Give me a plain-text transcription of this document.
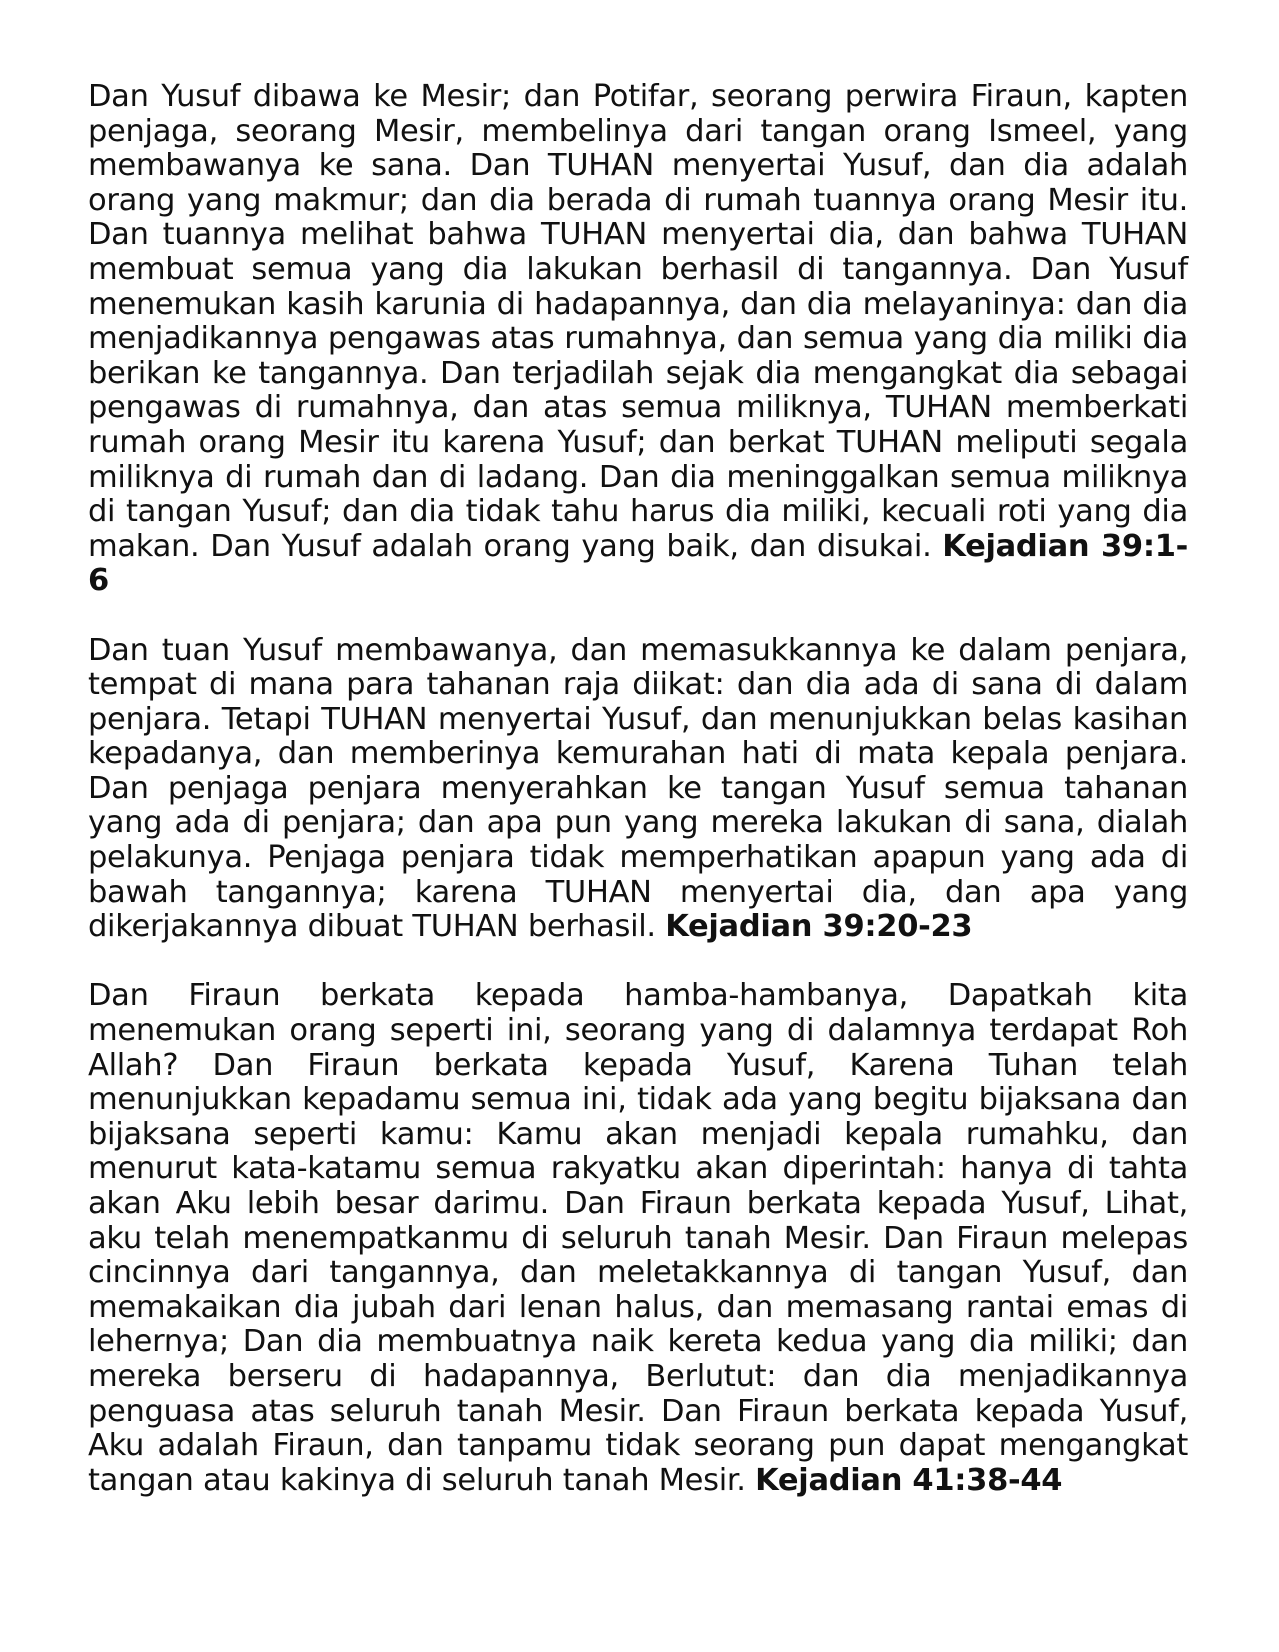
Dan Yusuf dibawa ke Mesir; dan Potifar, seorang perwira Firaun, kapten penjaga, seorang Mesir, membelinya dari tangan orang Ismeel, yang membawanya ke sana. Dan TUHAN menyertai Yusuf, dan dia adalah orang yang makmur; dan dia berada di rumah tuannya orang Mesir itu. Dan tuannya melihat bahwa TUHAN menyertai dia, dan bahwa TUHAN membuat semua yang dia lakukan berhasil di tangannya. Dan Yusuf menemukan kasih karunia di hadapannya, dan dia melayaninya: dan dia menjadikannya pengawas atas rumahnya, dan semua yang dia miliki dia berikan ke tangannya. Dan terjadilah sejak dia mengangkat dia sebagai pengawas di rumahnya, dan atas semua miliknya, TUHAN memberkati rumah orang Mesir itu karena Yusuf; dan berkat TUHAN meliputi segala miliknya di rumah dan di ladang. Dan dia meninggalkan semua miliknya di tangan Yusuf; dan dia tidak tahu harus dia miliki, kecuali roti yang dia makan. Dan Yusuf adalah orang yang baik, dan disukai. Kejadian 39:1-6

Dan tuan Yusuf membawanya, dan memasukkannya ke dalam penjara, tempat di mana para tahanan raja diikat: dan dia ada di sana di dalam penjara. Tetapi TUHAN menyertai Yusuf, dan menunjukkan belas kasihan kepadanya, dan memberinya kemurahan hati di mata kepala penjara. Dan penjaga penjara menyerahkan ke tangan Yusuf semua tahanan yang ada di penjara; dan apa pun yang mereka lakukan di sana, dialah pelakunya. Penjaga penjara tidak memperhatikan apapun yang ada di bawah tangannya; karena TUHAN menyertai dia, dan apa yang dikerjakannya dibuat TUHAN berhasil. Kejadian 39:20-23

Dan Firaun berkata kepada hamba-hambanya, Dapatkah kita menemukan orang seperti ini, seorang yang di dalamnya terdapat Roh Allah? Dan Firaun berkata kepada Yusuf, Karena Tuhan telah menunjukkan kepadamu semua ini, tidak ada yang begitu bijaksana dan bijaksana seperti kamu: Kamu akan menjadi kepala rumahku, dan menurut kata-katamu semua rakyatku akan diperintah: hanya di tahta akan Aku lebih besar darimu. Dan Firaun berkata kepada Yusuf, Lihat, aku telah menempatkanmu di seluruh tanah Mesir. Dan Firaun melepas cincinnya dari tangannya, dan meletakkannya di tangan Yusuf, dan memakaikan dia jubah dari lenan halus, dan memasang rantai emas di lehernya; Dan dia membuatnya naik kereta kedua yang dia miliki; dan mereka berseru di hadapannya, Berlutut: dan dia menjadikannya penguasa atas seluruh tanah Mesir. Dan Firaun berkata kepada Yusuf, Aku adalah Firaun, dan tanpamu tidak seorang pun dapat mengangkat tangan atau kakinya di seluruh tanah Mesir. Kejadian 41:38-44
